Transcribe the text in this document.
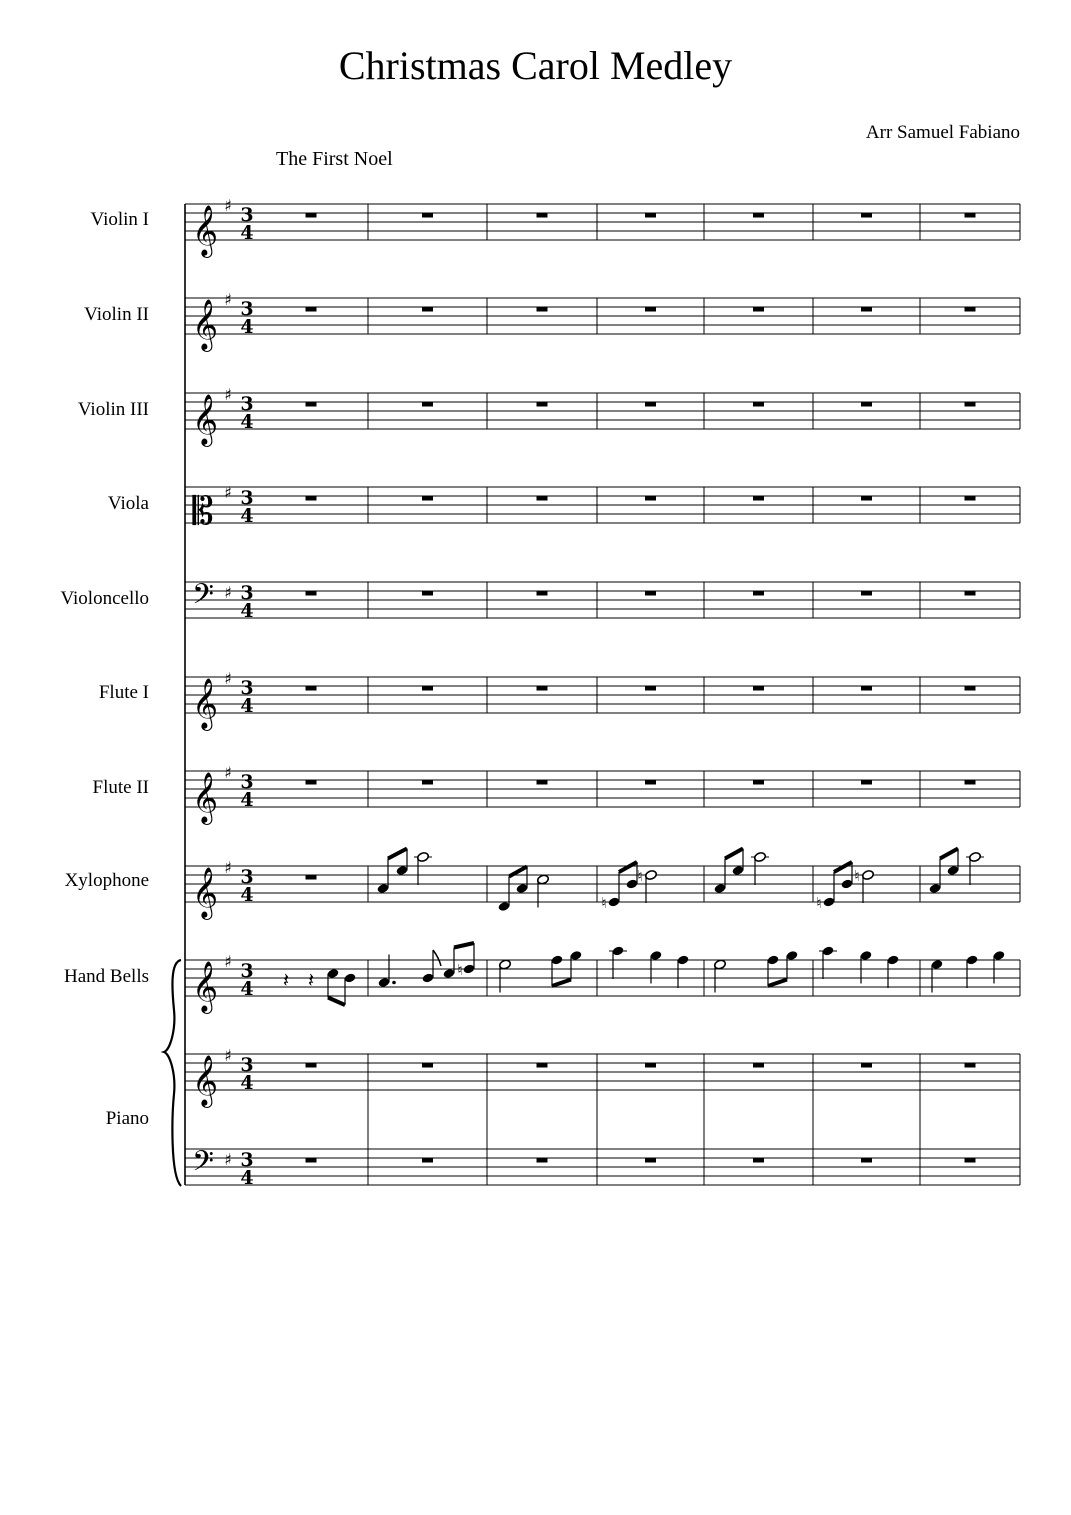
Christmas Carol Medley
Arr Samuel Fabiano
The First Noel
Violin I
Violin II
Violin III
Viola
Violoncello
Flute I
Flute II
Xylophone
Hand Bells
Piano
𝄞 ♯ 3
4
𝄞 ♯ 3
4
𝄞 ♯ 3
4
𝄡 ♯ 3
4
𝄢 ♯ 3
4
𝄞 ♯ 3
4
𝄞 ♯ 3
4
𝄞 ♯ 3
4
𝄞 ♯ 3
4
𝄞 ♯ 3
4
𝄢 ♯ 3
4
♮
♮
♮
♮
𝄽 𝄽	♮
